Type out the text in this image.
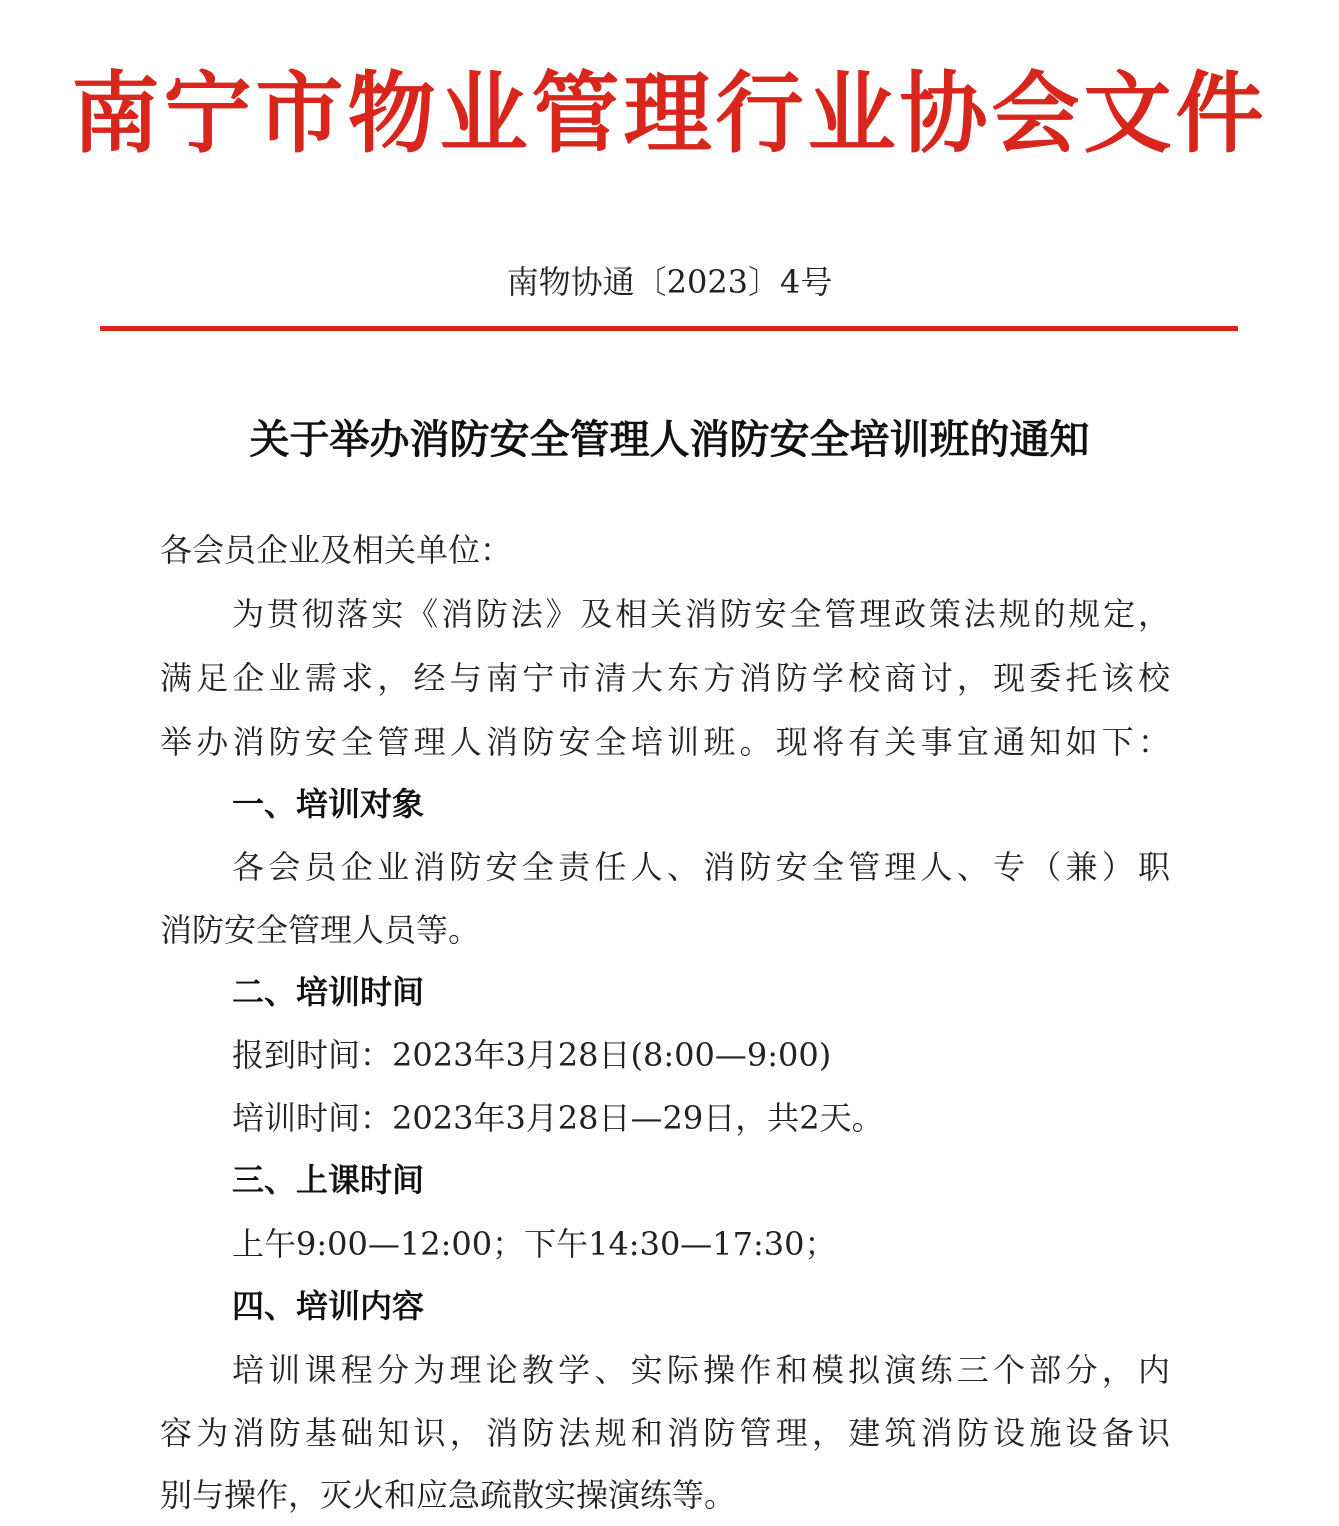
南宁市物业管理行业协会文件
南物协通〔2023〕4号
关于举办消防安全管理人消防安全培训班的通知
各会员企业及相关单位：
为贯彻落实《消防法》及相关消防安全管理政策法规的规定，
满足企业需求，经与南宁市清大东方消防学校商讨，现委托该校
举办消防安全管理人消防安全培训班。现将有关事宜通知如下：
一、培训对象
各会员企业消防安全责任人、消防安全管理人、专（兼）职
消防安全管理人员等。
二、培训时间
报到时间：2023年3月28日(8:00—9:00)
培训时间：2023年3月28日—29日，共2天。
三、上课时间
上午9:00—12:00；下午14:30—17:30；
四、培训内容
培训课程分为理论教学、实际操作和模拟演练三个部分，内
容为消防基础知识，消防法规和消防管理，建筑消防设施设备识
别与操作，灭火和应急疏散实操演练等。
